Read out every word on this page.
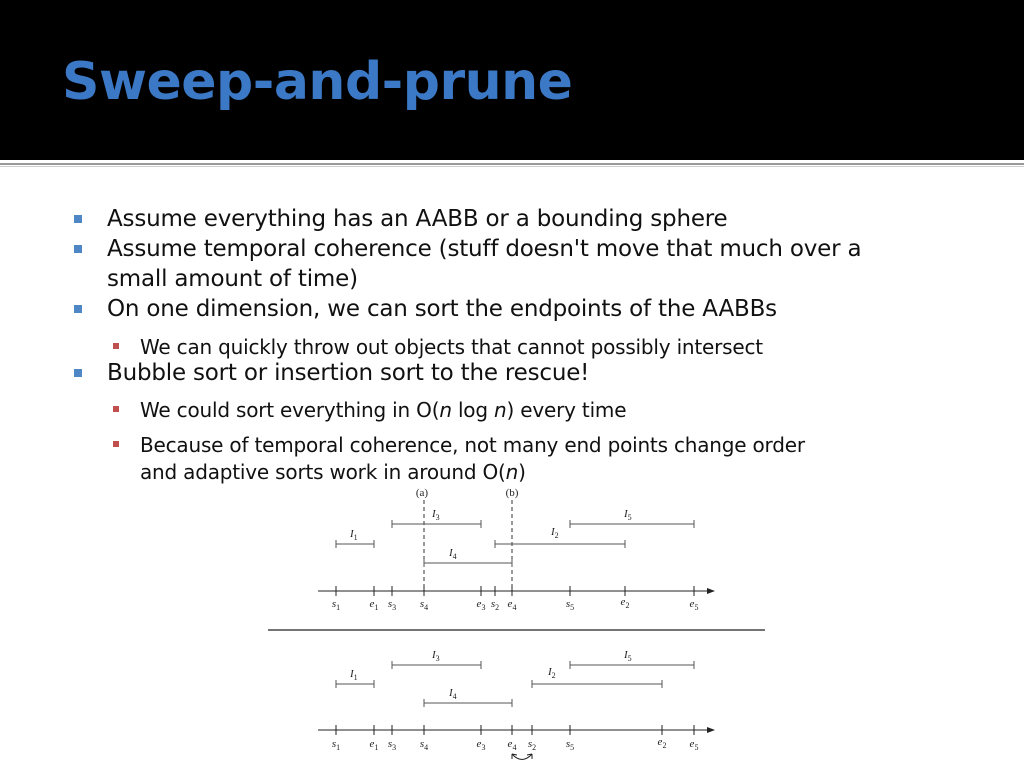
Sweep-and-prune
Assume everything has an AABB or a bounding sphere
Assume temporal coherence (stuff doesn't move that much over a
small amount of time)
On one dimension, we can sort the endpoints of the AABBs
We can quickly throw out objects that cannot possibly intersect
Bubble sort or insertion sort to the rescue!
We could sort everything in O(n log n) every time
Because of temporal coherence, not many end points change order
and adaptive sorts work in around O(n)
(a)	(b)
$I_3$
$I_1$
$I_4$
$I_2$
$I_5$
$s_1$	$e_1$ $s_3$ $s_4$	$e_3$ $s_2$ $e_4$	$s_5$	$e_2$	$e_5$
$I_3$
$I_1$
$I_4$
$I_2$
$I_5$
$s_1$	$e_1$ $s_3$ $s_4$	$e_3$ $e_4$ $s_2$	$s_5$	$e_2$ $e_5$
